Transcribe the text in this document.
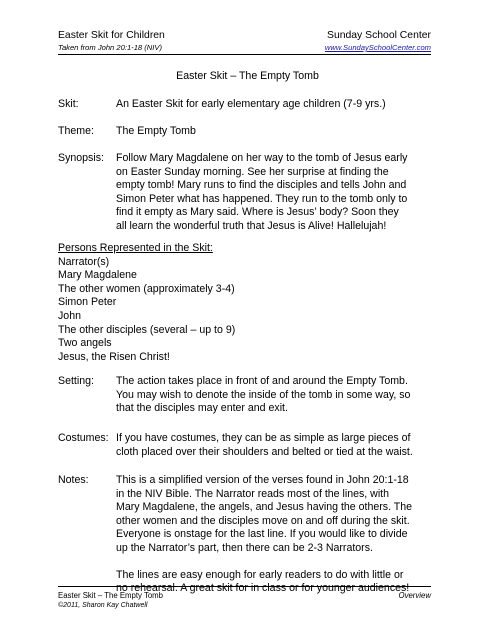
Easter Skit for Children	Sunday School Center
Taken from John 20:1-18 (NIV)	www.SundaySchoolCenter.com
Easter Skit – The Empty Tomb
Skit:	An Easter Skit for early elementary age children (7-9 yrs.)
Theme:	The Empty Tomb
Synopsis:	Follow Mary Magdalene on her way to the tomb of Jesus early
on Easter Sunday morning. See her surprise at finding the
empty tomb! Mary runs to find the disciples and tells John and
Simon Peter what has happened. They run to the tomb only to
find it empty as Mary said. Where is Jesus’ body? Soon they
all learn the wonderful truth that Jesus is Alive! Hallelujah!
Persons Represented in the Skit:
Narrator(s)
Mary Magdalene
The other women (approximately 3-4)
Simon Peter
John
The other disciples (several – up to 9)
Two angels
Jesus, the Risen Christ!
Setting:	The action takes place in front of and around the Empty Tomb.
You may wish to denote the inside of the tomb in some way, so
that the disciples may enter and exit.
Costumes: If you have costumes, they can be as simple as large pieces of
cloth placed over their shoulders and belted or tied at the waist.
Notes:	This is a simplified version of the verses found in John 20:1-18
in the NIV Bible. The Narrator reads most of the lines, with
Mary Magdalene, the angels, and Jesus having the others. The
other women and the disciples move on and off during the skit.
Everyone is onstage for the last line. If you would like to divide
up the Narrator’s part, then there can be 2-3 Narrators.
The lines are easy enough for early readers to do with little or
no rehearsal. A great skit for in class or for younger audiences!
Easter Skit – The Empty Tomb	Overview
©2011, Sharon Kay Chatwell
